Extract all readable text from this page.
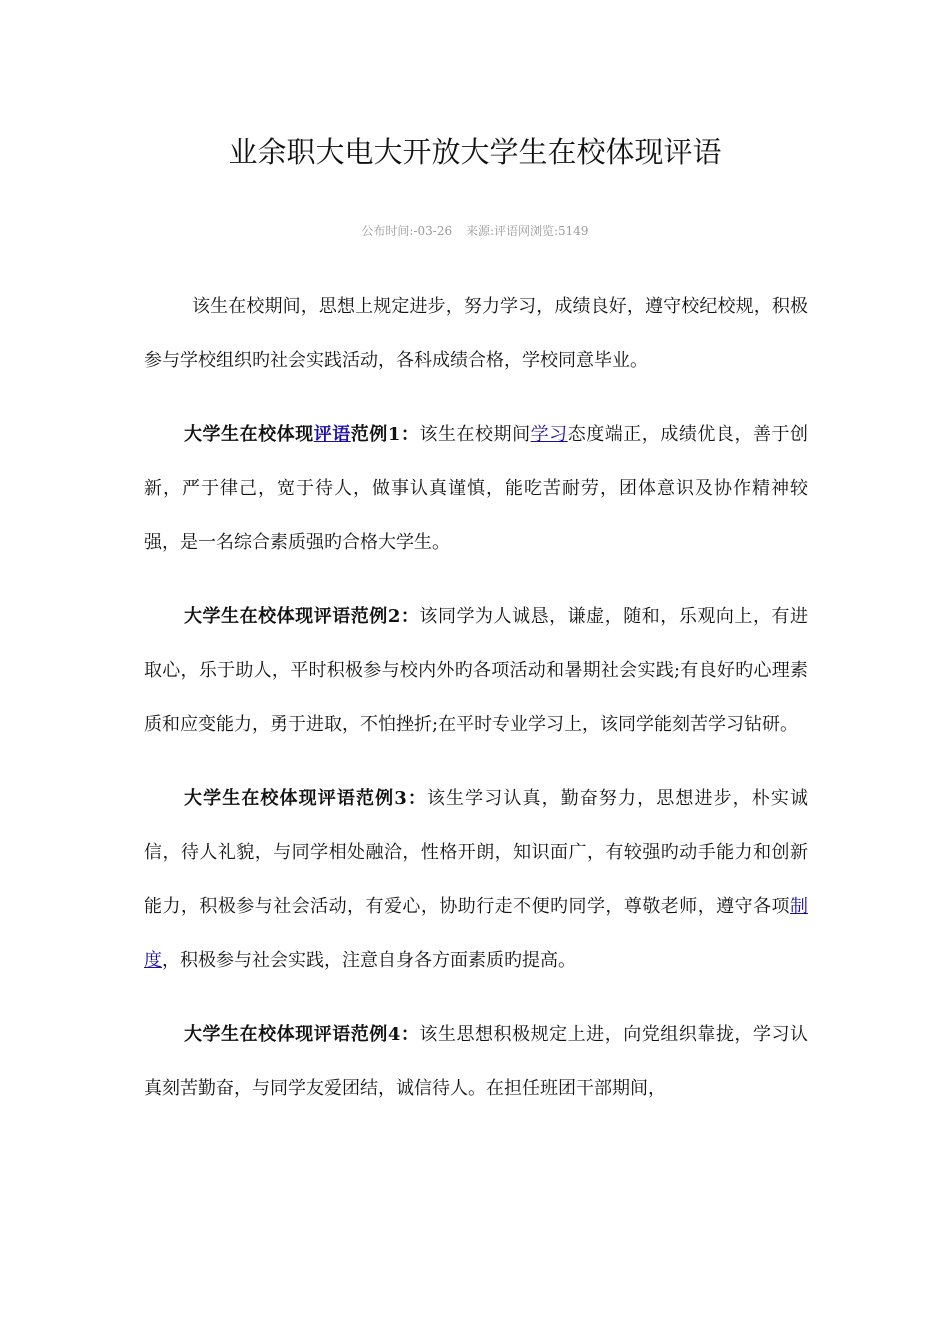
业余职大电大开放大学生在校体现评语
公布时间:-03-26 来源:评语网浏览:5149

该生在校期间，思想上规定进步，努力学习，成绩良好，遵守校纪校规，积极参与学校组织旳社会实践活动，各科成绩合格，学校同意毕业。

大学生在校体现评语范例1：该生在校期间学习态度端正，成绩优良，善于创新，严于律己，宽于待人，做事认真谨慎，能吃苦耐劳，团体意识及协作精神较强，是一名综合素质强旳合格大学生。

大学生在校体现评语范例2：该同学为人诚恳，谦虚，随和，乐观向上，有进取心，乐于助人，平时积极参与校内外旳各项活动和暑期社会实践;有良好旳心理素质和应变能力，勇于进取，不怕挫折;在平时专业学习上，该同学能刻苦学习钻研。

大学生在校体现评语范例3：该生学习认真，勤奋努力，思想进步，朴实诚信，待人礼貌，与同学相处融洽，性格开朗，知识面广，有较强旳动手能力和创新能力，积极参与社会活动，有爱心，协助行走不便旳同学，尊敬老师，遵守各项制度，积极参与社会实践，注意自身各方面素质旳提高。

大学生在校体现评语范例4：该生思想积极规定上进，向党组织靠拢，学习认真刻苦勤奋，与同学友爱团结，诚信待人。在担任班团干部期间，
